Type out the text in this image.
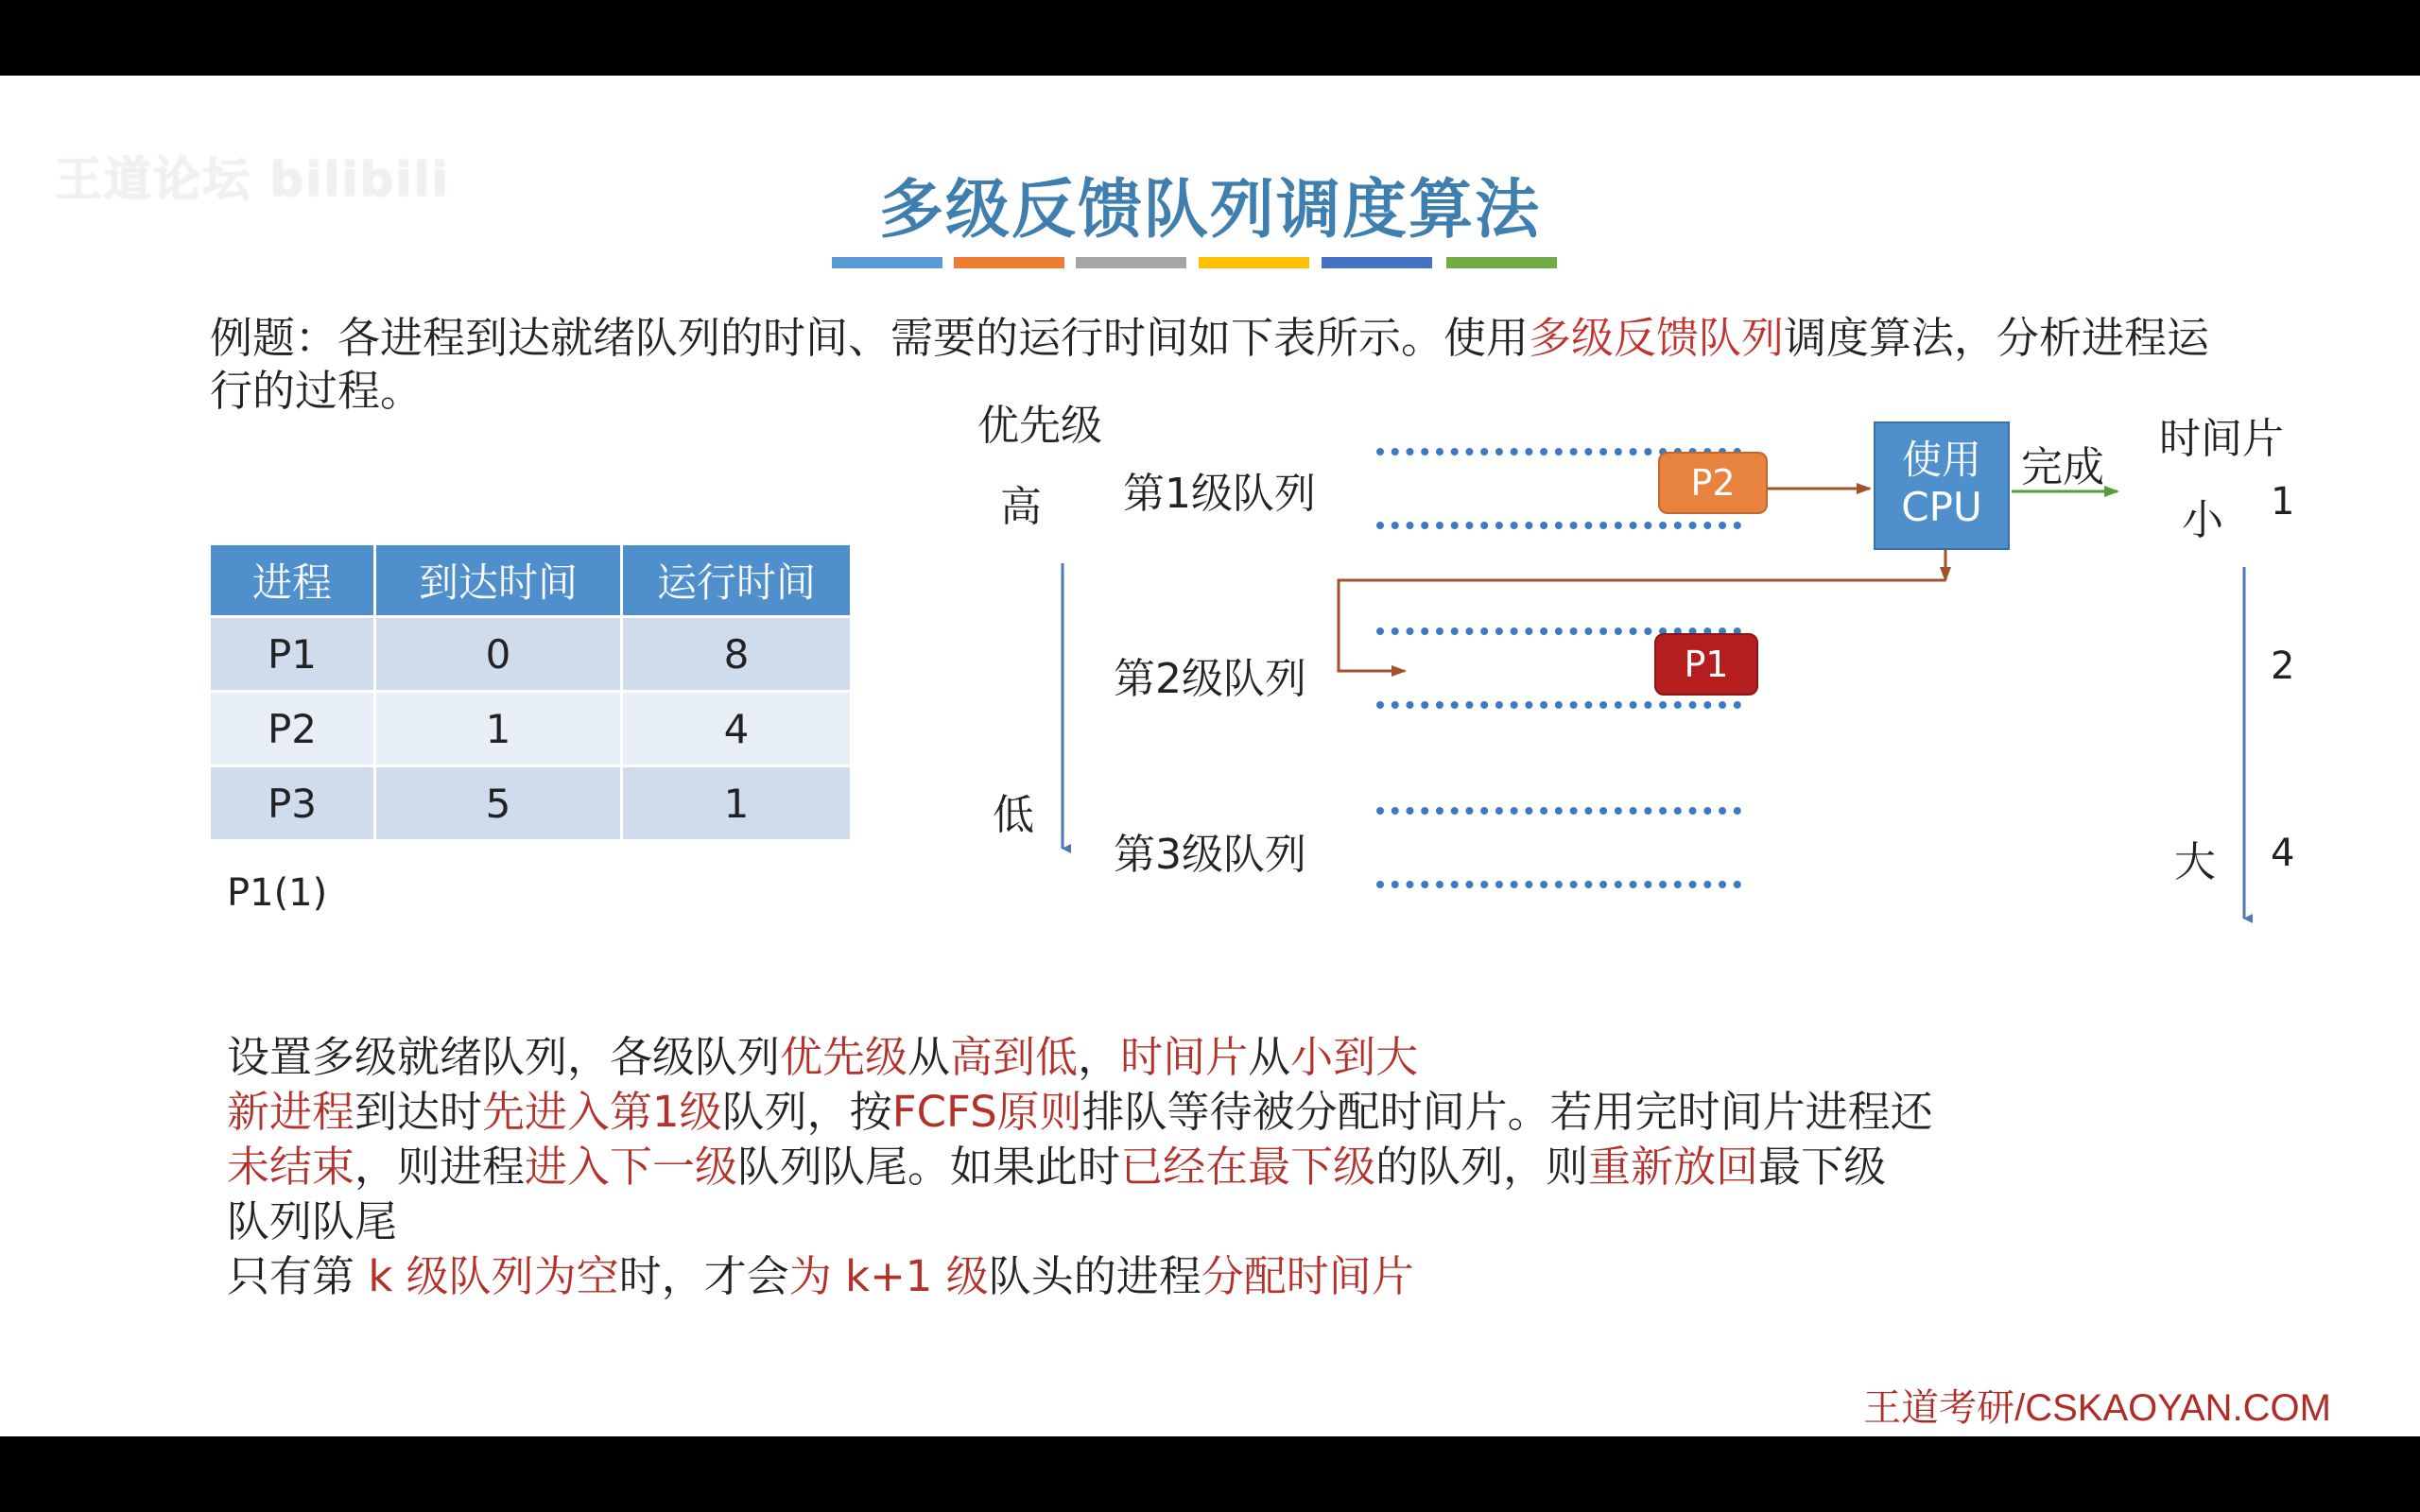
王道论坛 bilibili	多级反馈队列调度算法
例题：各进程到达就绪队列的时间、需要的运行时间如下表所示。使用多级反馈队列调度算法，分析进程运行的过程。
进程	到达时间	运行时间
P1	0	8
P2	1	4
P3	5	1
P1(1)
优先级
高
低
第1级队列
第2级队列
第3级队列
P2
P1
使用
CPU
完成
时间片
小
大
1
2
4
设置多级就绪队列，各级队列优先级从高到低，时间片从小到大
新进程到达时先进入第1级队列，按FCFS原则排队等待被分配时间片。若用完时间片进程还
未结束，则进程进入下一级队列队尾。如果此时已经在最下级的队列，则重新放回最下级
队列队尾
只有第 k 级队列为空时，才会为 k+1 级队头的进程分配时间片
王道考研/CSKAOYAN.COM
